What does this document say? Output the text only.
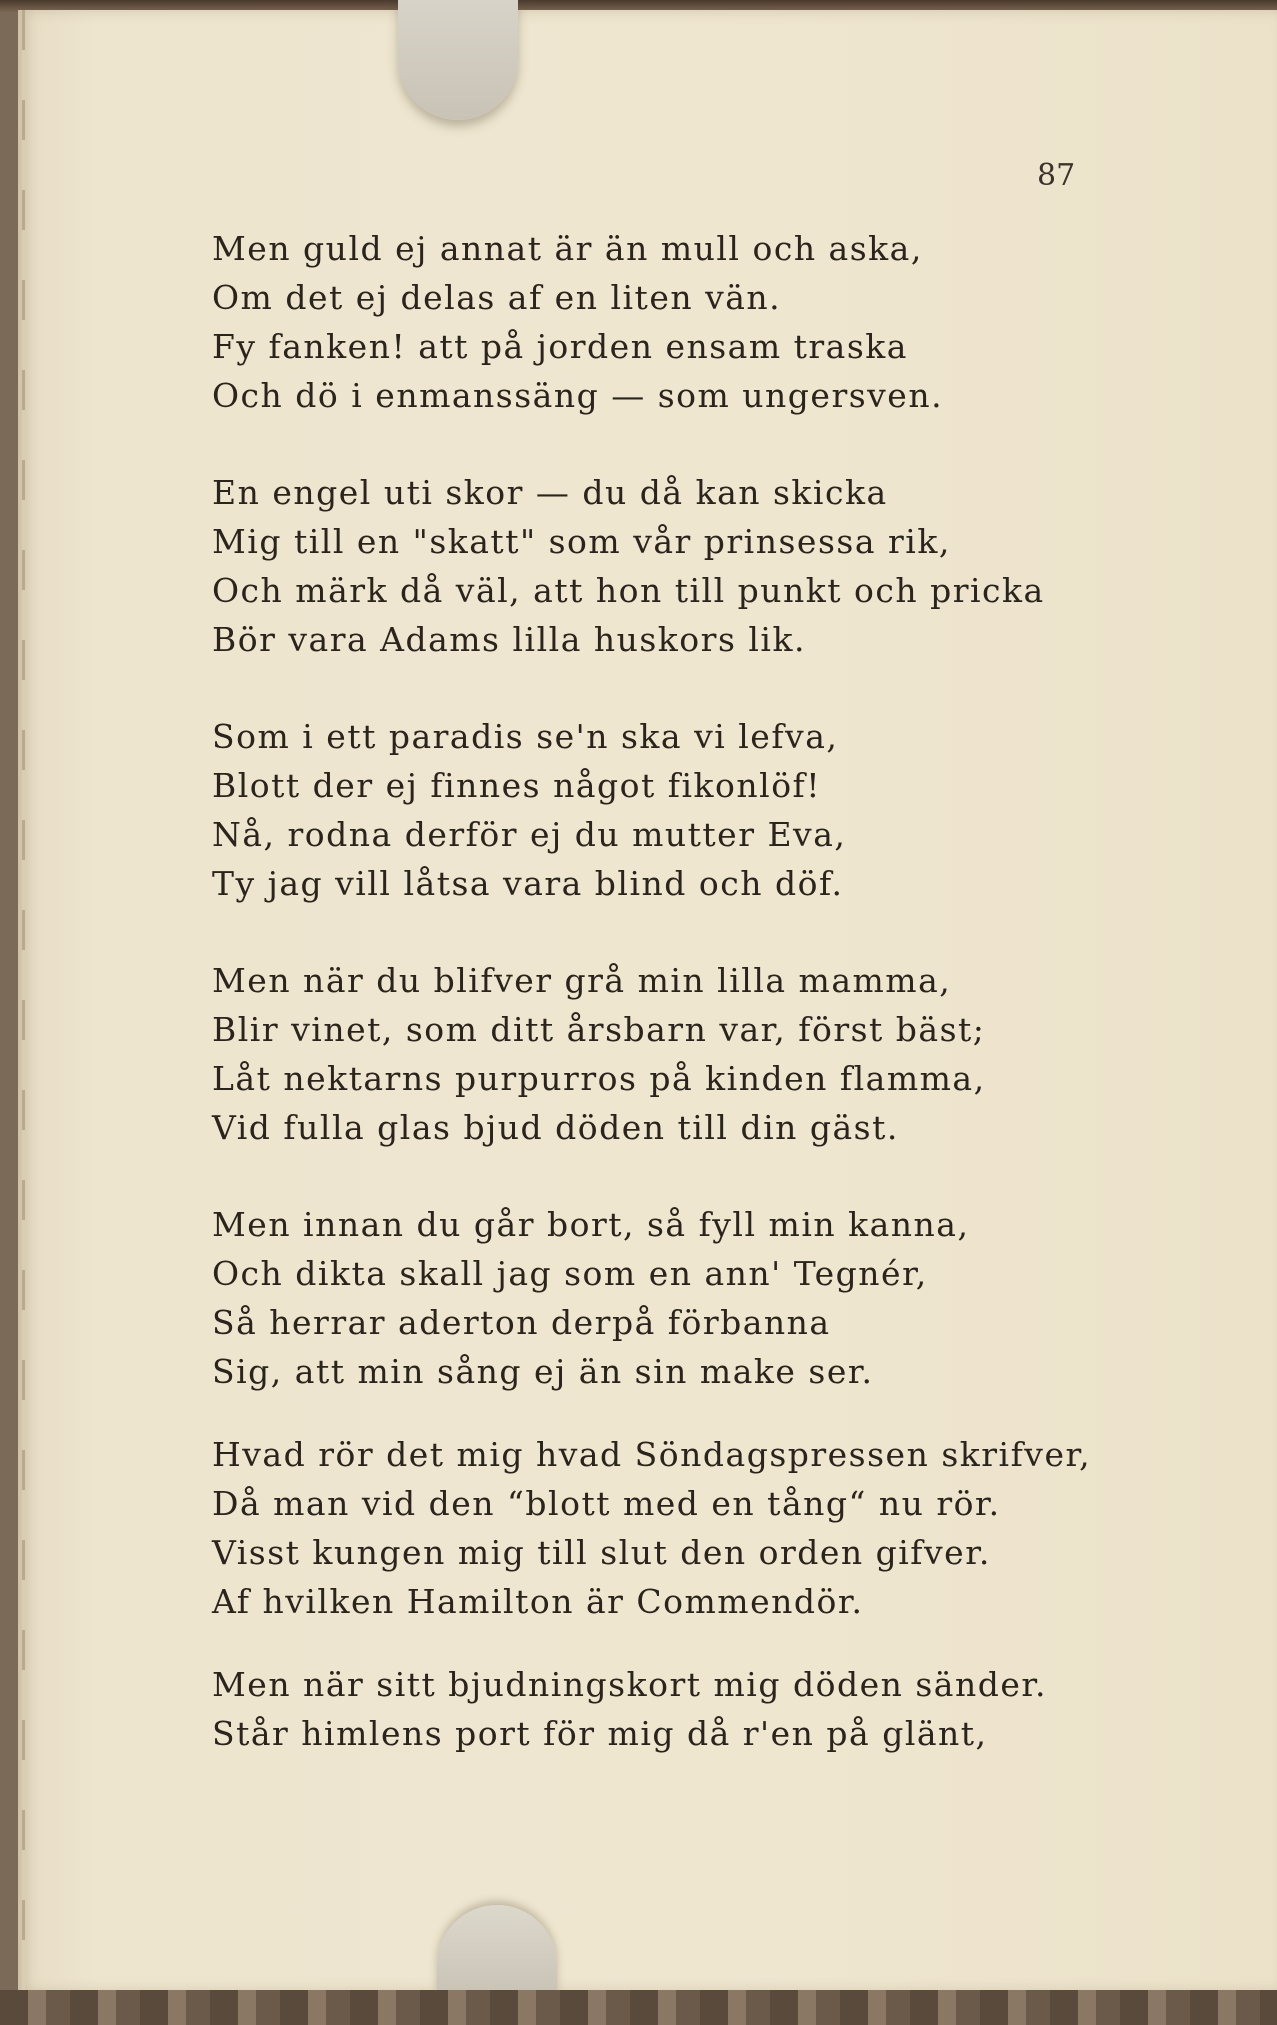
87
Men guld ej annat är än mull och aska,
Om det ej delas af en liten vän.
Fy fanken! att på jorden ensam traska
Och dö i enmanssäng — som ungersven.
En engel uti skor — du då kan skicka
Mig till en "skatt" som vår prinsessa rik,
Och märk då väl, att hon till punkt och pricka
Bör vara Adams lilla huskors lik.
Som i ett paradis se'n ska vi lefva,
Blott der ej finnes något fikonlöf!
Nå, rodna derför ej du mutter Eva,
Ty jag vill låtsa vara blind och döf.
Men när du blifver grå min lilla mamma,
Blir vinet, som ditt årsbarn var, först bäst;
Låt nektarns purpurros på kinden flamma,
Vid fulla glas bjud döden till din gäst.
Men innan du går bort, så fyll min kanna,
Och dikta skall jag som en ann' Tegnér,
Så herrar aderton derpå förbanna
Sig, att min sång ej än sin make ser.
Hvad rör det mig hvad Söndagspressen skrifver,
Då man vid den “blott med en tång“ nu rör.
Visst kungen mig till slut den orden gifver.
Af hvilken Hamilton är Commendör.
Men när sitt bjudningskort mig döden sänder.
Står himlens port för mig då r'en på glänt,
